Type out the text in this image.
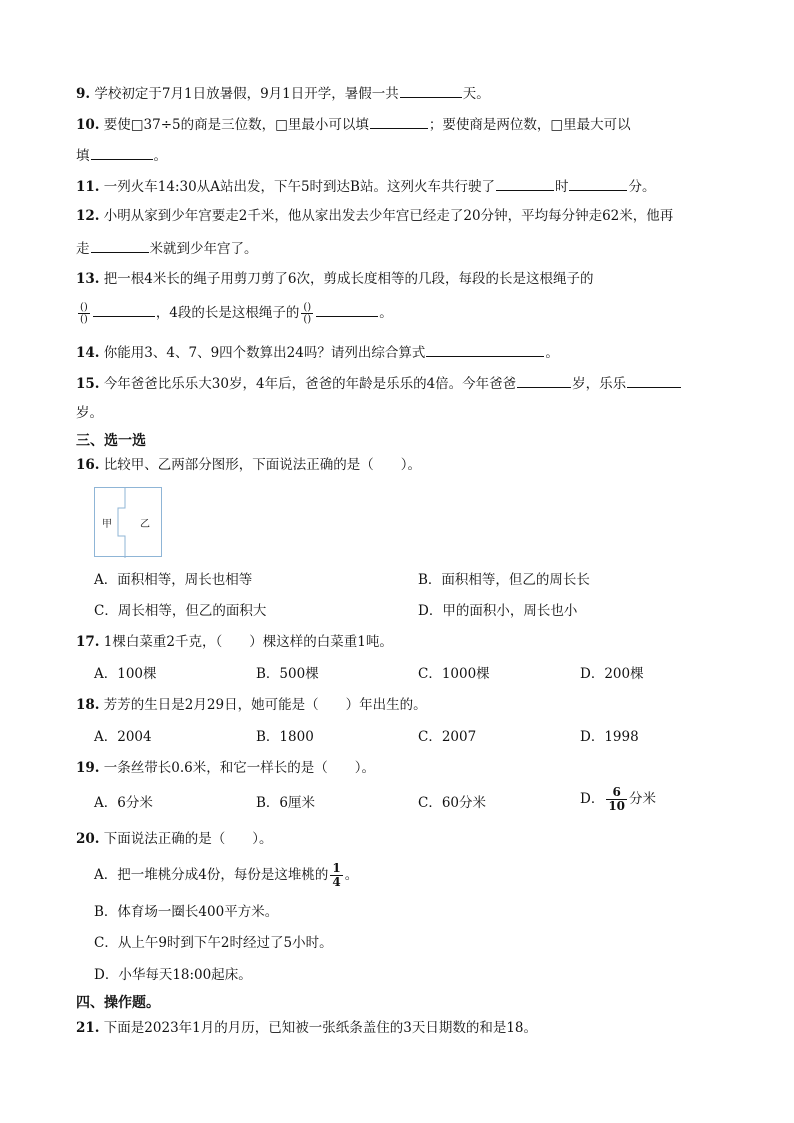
9. 学校初定于7月1日放暑假，9月1日开学，暑假一共	天。
10. 要使□37÷5的商是三位数，□里最小可以填	；要使商是两位数，□里最大可以
填	。
11. 一列火车14:30从A站出发，下午5时到达B站。这列火车共行驶了	时	分。
12. 小明从家到少年宫要走2千米，他从家出发去少年宫已经走了20分钟，平均每分钟走62米，他再
走	米就到少年宫了。
13. 把一根4米长的绳子用剪刀剪了6次，剪成长度相等的几段，每段的长是这根绳子的
$\frac{()}{()}$	，4段的长是这根绳子的 $\frac{()}{()}$	。
14. 你能用3、4、7、9四个数算出24吗？请列出综合算式	。
15. 今年爸爸比乐乐大30岁，4年后，爸爸的年龄是乐乐的4倍。今年爸爸	岁，乐乐
岁。
三、选一选
16. 比较甲、乙两部分图形，下面说法正确的是（　　）。
甲	乙
A．面积相等，周长也相等	B．面积相等，但乙的周长长
C．周长相等，但乙的面积大	D．甲的面积小，周长也小
17. 1棵白菜重2千克，（　　）棵这样的白菜重1吨。
A．100棵	B．500棵	C．1000棵	D．200棵
18. 芳芳的生日是2月29日，她可能是（　　）年出生的。
A．2004	B．1800	C．2007	D．1998
19. 一条丝带长0.6米，和它一样长的是（　　）。
A．6分米	B．6厘米	C．60分米	D． $\frac{6}{10}$ 分米
20. 下面说法正确的是（　　）。
A．把一堆桃分成4份，每份是这堆桃的 $\frac{1}{4}$ 。
B．体育场一圈长400平方米。
C．从上午9时到下午2时经过了5小时。
D．小华每天18:00起床。
四、操作题。
21. 下面是2023年1月的月历，已知被一张纸条盖住的3天日期数的和是18。
